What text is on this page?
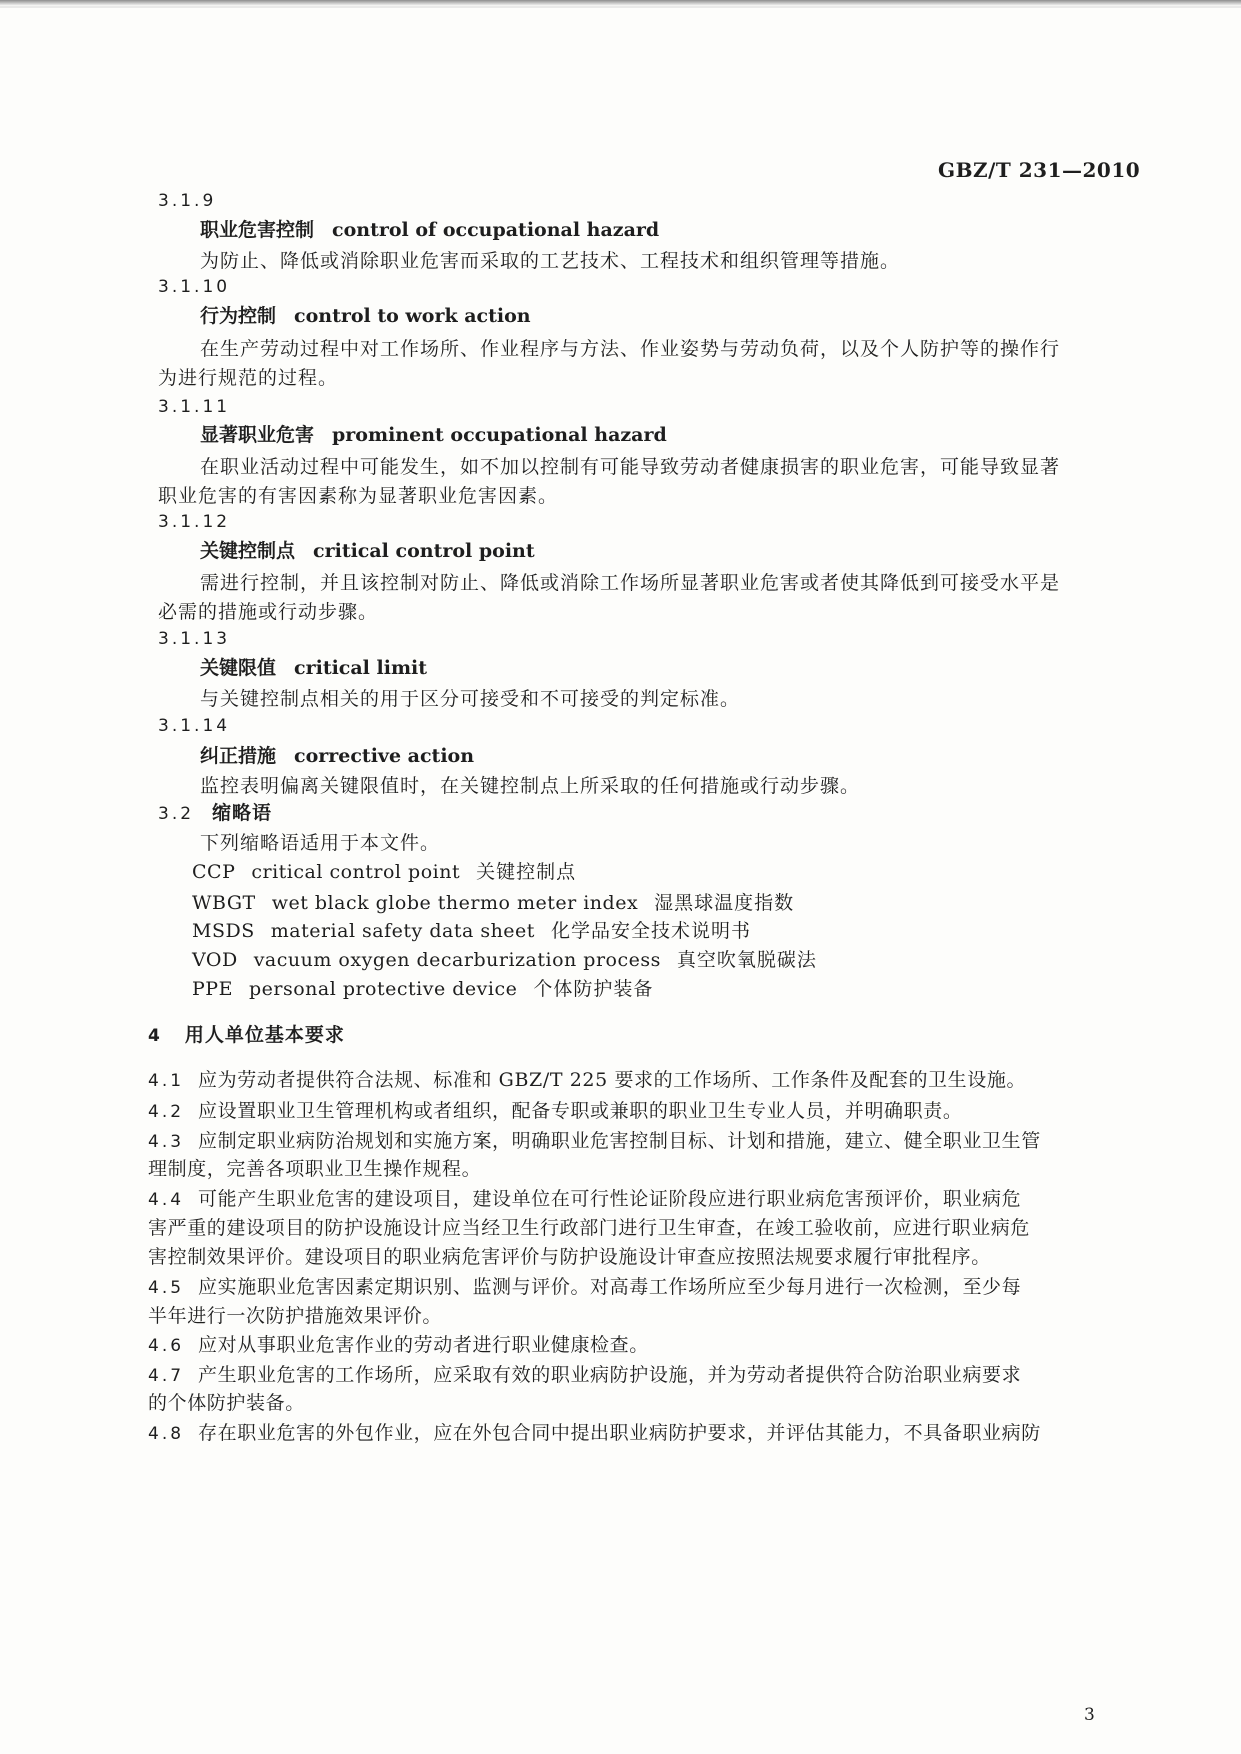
GBZ/T 231—2010
3.1.9
职业危害控制 control of occupational hazard
为防止、降低或消除职业危害而采取的工艺技术、工程技术和组织管理等措施。
3.1.10
行为控制 control to work action
在生产劳动过程中对工作场所、作业程序与方法、作业姿势与劳动负荷，以及个人防护等的操作行
为进行规范的过程。
3.1.11
显著职业危害 prominent occupational hazard
在职业活动过程中可能发生，如不加以控制有可能导致劳动者健康损害的职业危害，可能导致显著
职业危害的有害因素称为显著职业危害因素。
3.1.12
关键控制点 critical control point
需进行控制，并且该控制对防止、降低或消除工作场所显著职业危害或者使其降低到可接受水平是
必需的措施或行动步骤。
3.1.13
关键限值 critical limit
与关键控制点相关的用于区分可接受和不可接受的判定标准。
3.1.14
纠正措施 corrective action
监控表明偏离关键限值时，在关键控制点上所采取的任何措施或行动步骤。
3.2 缩略语
下列缩略语适用于本文件。
CCP critical control point 关键控制点
WBGT wet black globe thermo meter index 湿黑球温度指数
MSDS material safety data sheet 化学品安全技术说明书
VOD vacuum oxygen decarburization process 真空吹氧脱碳法
PPE personal protective device 个体防护装备
4 用人单位基本要求
4.1 应为劳动者提供符合法规、标准和 GBZ/T 225 要求的工作场所、工作条件及配套的卫生设施。
4.2 应设置职业卫生管理机构或者组织，配备专职或兼职的职业卫生专业人员，并明确职责。
4.3 应制定职业病防治规划和实施方案，明确职业危害控制目标、计划和措施，建立、健全职业卫生管
理制度，完善各项职业卫生操作规程。
4.4 可能产生职业危害的建设项目，建设单位在可行性论证阶段应进行职业病危害预评价，职业病危
害严重的建设项目的防护设施设计应当经卫生行政部门进行卫生审查，在竣工验收前，应进行职业病危
害控制效果评价。建设项目的职业病危害评价与防护设施设计审查应按照法规要求履行审批程序。
4.5 应实施职业危害因素定期识别、监测与评价。对高毒工作场所应至少每月进行一次检测，至少每
半年进行一次防护措施效果评价。
4.6 应对从事职业危害作业的劳动者进行职业健康检查。
4.7 产生职业危害的工作场所，应采取有效的职业病防护设施，并为劳动者提供符合防治职业病要求
的个体防护装备。
4.8 存在职业危害的外包作业，应在外包合同中提出职业病防护要求，并评估其能力，不具备职业病防
3
